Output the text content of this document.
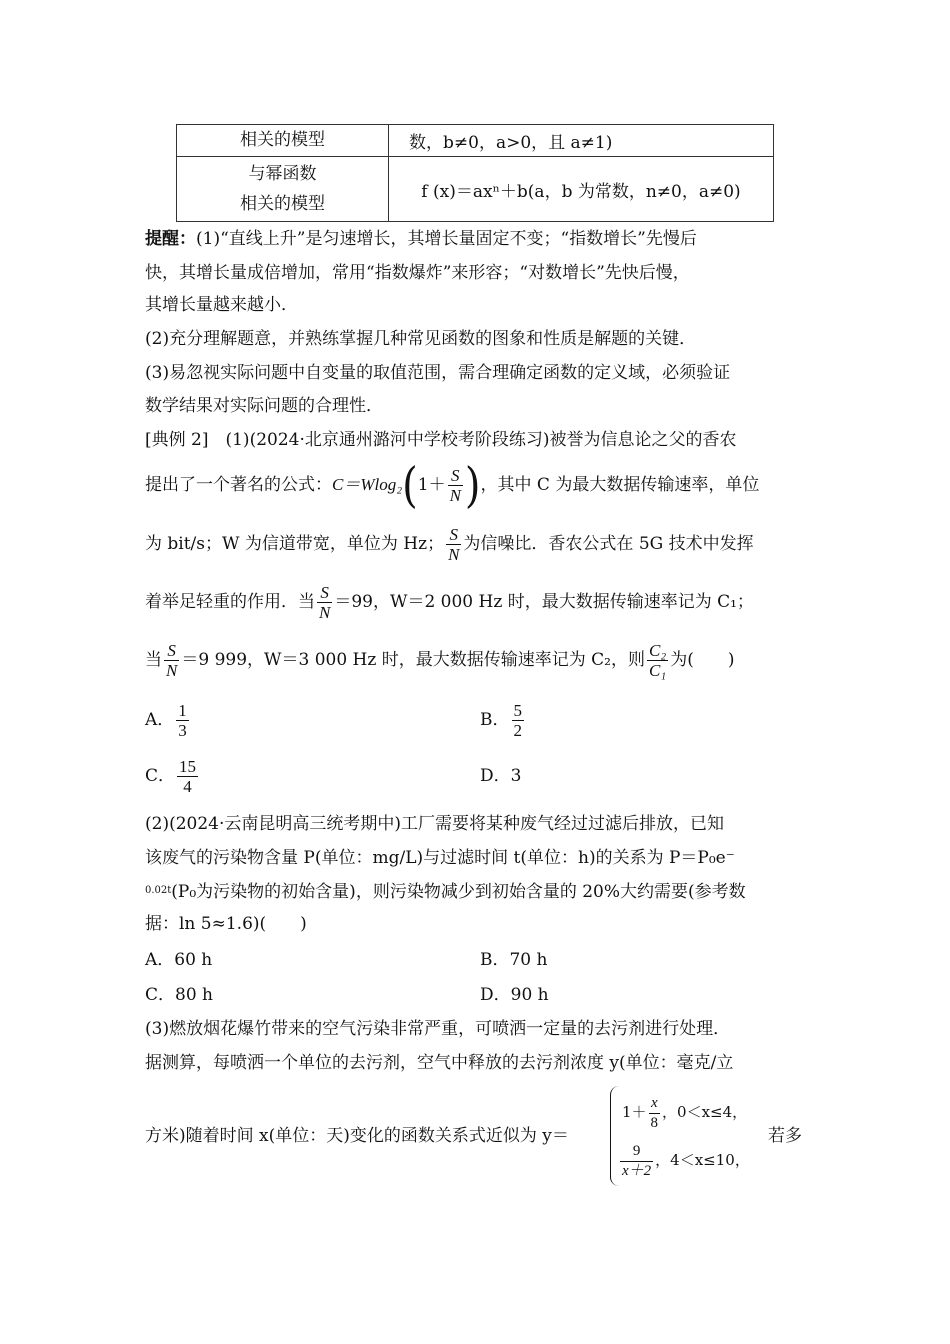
相关的模型	数，b≠0，a>0，且 a≠1)

与幂函数
相关的模型	f (x)＝axⁿ＋b(a，b 为常数，n≠0，a≠0)
提醒：(1)“直线上升”是匀速增长，其增长量固定不变；“指数增长”先慢后
快，其增长量成倍增加，常用“指数爆炸”来形容；“对数增长”先快后慢，
其增长量越来越小．
(2)充分理解题意，并熟练掌握几种常见函数的图象和性质是解题的关键．
(3)易忽视实际问题中自变量的取值范围，需合理确定函数的定义域，必须验证
数学结果对实际问题的合理性．
[典例 2]　 (1)(2024·北京通州潞河中学校考阶段练习)被誉为信息论之父的香农
提出了一个著名的公式：$C=Wlog_2(1+ \frac{S}{N}$ )，其中 C 为最大数据传输速率，单位
为 bit/s；W 为信道带宽，单位为 Hz； $\frac{S}{N}$ 为信噪比．香农公式在 5G 技术中发挥
着举足轻重的作用．当 $\frac{S}{N} =99$，W＝2 000 Hz 时，最大数据传输速率记为 C₁；
当 $\frac{S}{N} =9$ 999，W＝3 000 Hz 时，最大数据传输速率记为 C₂，则 $\frac{\text{C₂}}{\text{C₁}}$ 为(　　)
A． $\frac{1}{3}$	B． $\frac{5}{2}$
C． $\frac{15}{4}$	D．3
(2)(2024·云南昆明高三统考期中)工厂需要将某种废气经过过滤后排放，已知
该废气的污染物含量 P(单位：mg/L)与过滤时间 t(单位：h)的关系为 P＝P₀e⁻
$^{0.02t}$(P₀为污染物的初始含量)，则污染物减少到初始含量的 20%大约需要(参考数
据：ln 5≈1.6)(　　)
A．60 h	B．70 h
C．80 h	D．90 h
(3)燃放烟花爆竹带来的空气污染非常严重，可喷洒一定量的去污剂进行处理．
据测算，每喷洒一个单位的去污剂，空气中释放的去污剂浓度 y(单位：毫克/立
方米)随着时间 x(单位：天)变化的函数关系式近似为 y＝	若多
$1+ \frac{x}{8}$ ，0＜x≤4，
$\frac{9}{x+2}$ ，4＜x≤10，
